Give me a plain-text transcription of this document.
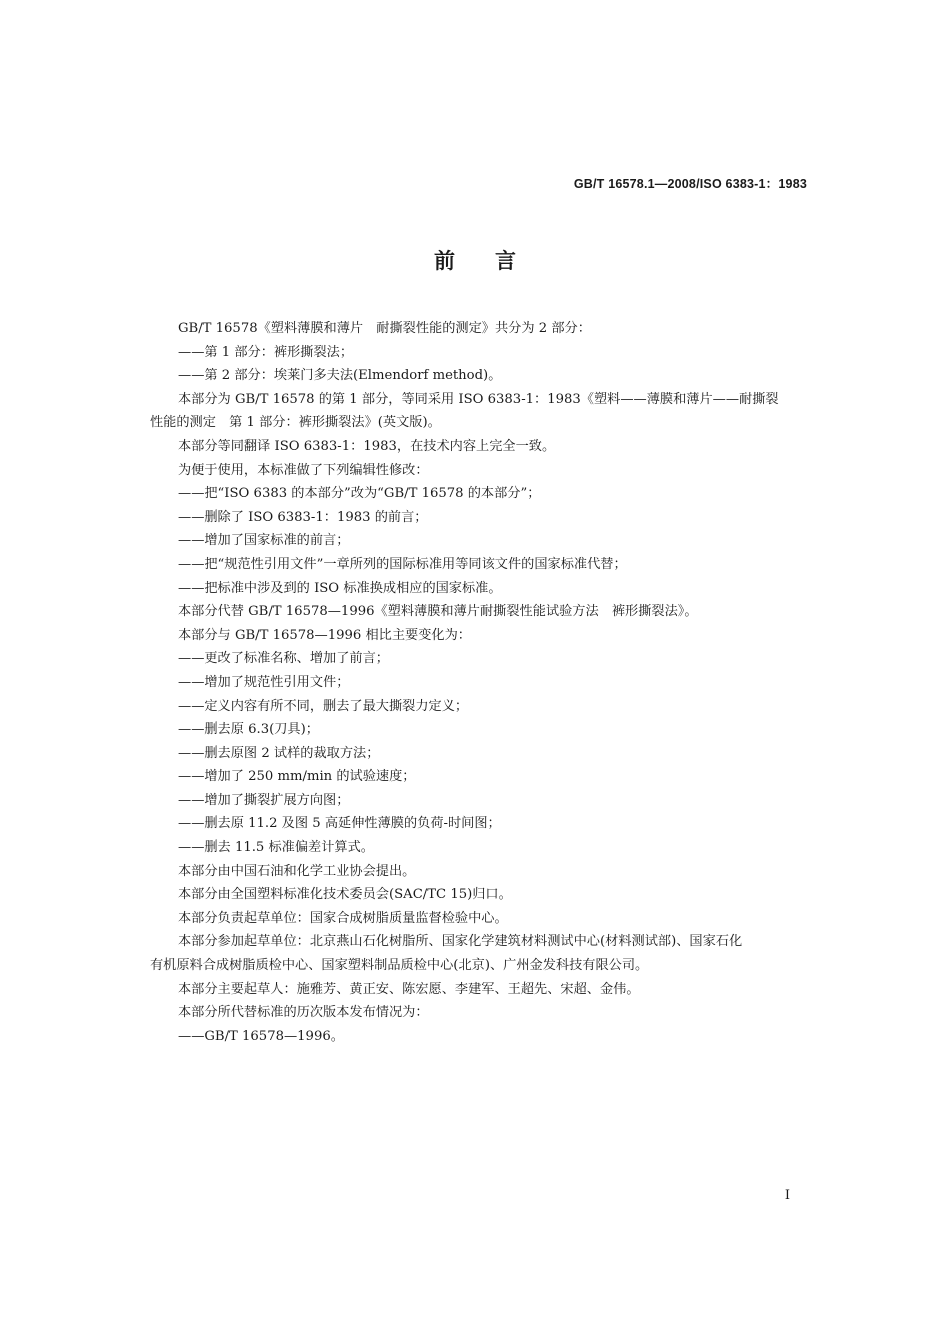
GB/T 16578.1—2008/ISO 6383-1：1983
前言
GB/T 16578《塑料薄膜和薄片　耐撕裂性能的测定》共分为 2 部分：
——第 1 部分：裤形撕裂法；
——第 2 部分：埃莱门多夫法(Elmendorf method)。
本部分为 GB/T 16578 的第 1 部分，等同采用 ISO 6383-1：1983《塑料——薄膜和薄片——耐撕裂
性能的测定　第 1 部分：裤形撕裂法》(英文版)。
本部分等同翻译 ISO 6383-1：1983，在技术内容上完全一致。
为便于使用，本标准做了下列编辑性修改：
——把“ISO 6383 的本部分”改为“GB/T 16578 的本部分”；
——删除了 ISO 6383-1：1983 的前言；
——增加了国家标准的前言；
——把“规范性引用文件”一章所列的国际标准用等同该文件的国家标准代替；
——把标准中涉及到的 ISO 标准换成相应的国家标准。
本部分代替 GB/T 16578—1996《塑料薄膜和薄片耐撕裂性能试验方法　裤形撕裂法》。
本部分与 GB/T 16578—1996 相比主要变化为：
——更改了标准名称、增加了前言；
——增加了规范性引用文件；
——定义内容有所不同，删去了最大撕裂力定义；
——删去原 6.3(刀具)；
——删去原图 2 试样的裁取方法；
——增加了 250 mm/min 的试验速度；
——增加了撕裂扩展方向图；
——删去原 11.2 及图 5 高延伸性薄膜的负荷-时间图；
——删去 11.5 标准偏差计算式。
本部分由中国石油和化学工业协会提出。
本部分由全国塑料标准化技术委员会(SAC/TC 15)归口。
本部分负责起草单位：国家合成树脂质量监督检验中心。
本部分参加起草单位：北京燕山石化树脂所、国家化学建筑材料测试中心(材料测试部)、国家石化
有机原料合成树脂质检中心、国家塑料制品质检中心(北京)、广州金发科技有限公司。
本部分主要起草人：施雅芳、黄正安、陈宏愿、李建军、王超先、宋超、金伟。
本部分所代替标准的历次版本发布情况为：
——GB/T 16578—1996。
I
